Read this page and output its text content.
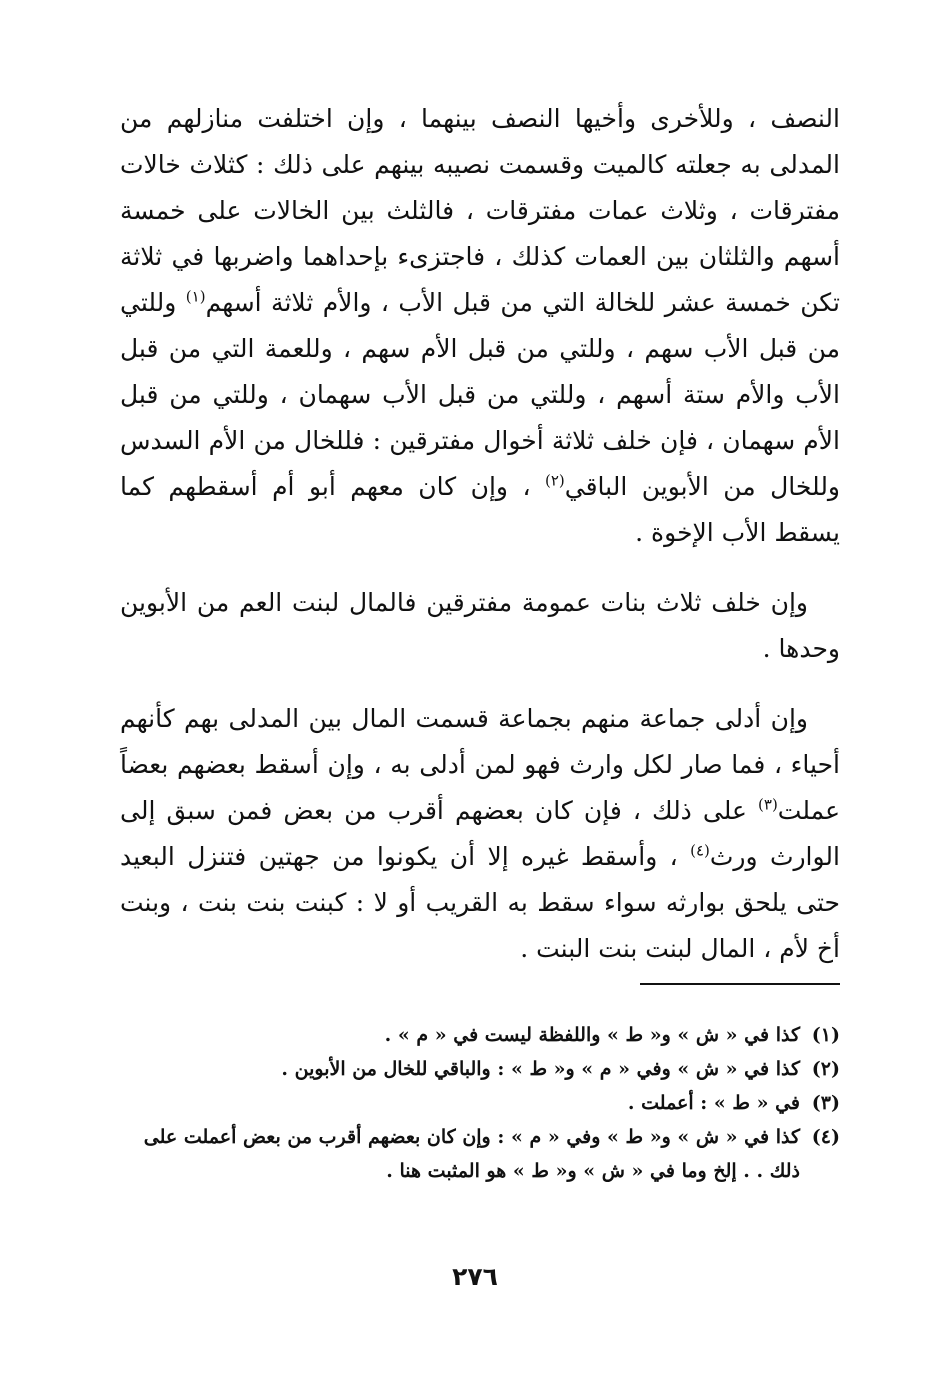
النصف ، وللأخرى وأخيها النصف بينهما ، وإن اختلفت منازلهم من المدلى به جعلته كالميت وقسمت نصيبه بينهم على ذلك : كثلاث خالات مفترقات ، وثلاث عمات مفترقات ، فالثلث بين الخالات على خمسة أسهم والثلثان بين العمات كذلك ، فاجتزىء بإحداهما واضربها في ثلاثة تكن خمسة عشر للخالة التي من قبل الأب ، والأم ثلاثة أسهم$^{(١)}$ وللتي من قبل الأب سهم ، وللتي من قبل الأم سهم ، وللعمة التي من قبل الأب والأم ستة أسهم ، وللتي من قبل الأب سهمان ، وللتي من قبل الأم سهمان ، فإن خلف ثلاثة أخوال مفترقين : فللخال من الأم السدس وللخال من الأبوين الباقي$^{(٢)}$ ، وإن كان معهم أبو أم أسقطهم كما يسقط الأب الإخوة .

وإن خلف ثلاث بنات عمومة مفترقين فالمال لبنت العم من الأبوين وحدها .

وإن أدلى جماعة منهم بجماعة قسمت المال بين المدلى بهم كأنهم أحياء ، فما صار لكل وارث فهو لمن أدلى به ، وإن أسقط بعضهم بعضاً عملت$^{(٣)}$ على ذلك ، فإن كان بعضهم أقرب من بعض فمن سبق إلى الوارث ورث$^{(٤)}$ ، وأسقط غيره إلا أن يكونوا من جهتين فتنزل البعيد حتى يلحق بوارثه سواء سقط به القريب أو لا : كبنت بنت بنت ، وبنت أخ لأم ، المال لبنت بنت البنت .

(١)
كذا في « ش » و« ط » واللفظة ليست في « م » .
(٢)
كذا في « ش » وفي « م » و« ط » : والباقي للخال من الأبوين .
(٣)
في « ط » : أعملت .
(٤)
كذا في « ش » و« ط » وفي « م » : وإن كان بعضهم أقرب من بعض أعملت على ذلك . . إلخ وما في « ش » و« ط » هو المثبت هنا .
٢٧٦
